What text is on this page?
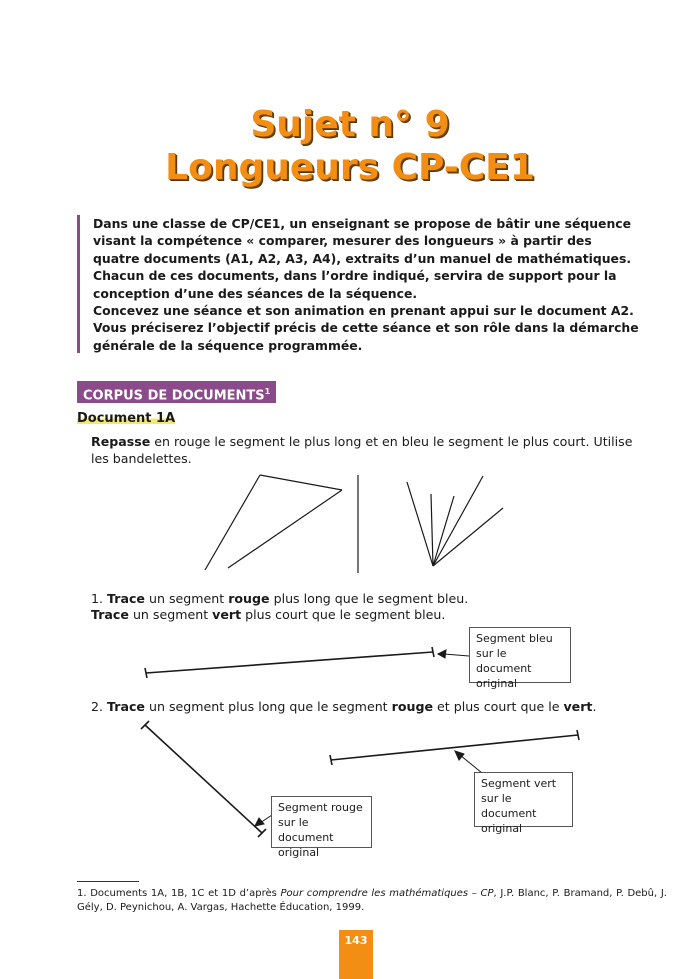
Sujet n° 9
Longueurs CP-CE1

Dans une classe de CP/CE1, un enseignant se propose de bâtir une séquence visant la compétence « comparer, mesurer des longueurs » à partir des quatre documents (A1, A2, A3, A4), extraits d’un manuel de mathématiques.

Chacun de ces documents, dans l’ordre indiqué, servira de support pour la conception d’une des séances de la séquence.

Concevez une séance et son animation en prenant appui sur le document A2.

Vous préciserez l’objectif précis de cette séance et son rôle dans la démarche générale de la séquence programmée.

CORPUS DE DOCUMENTS$^1$
Document 1A
Repasse en rouge le segment le plus long et en bleu le segment le plus court. Utilise les bandelettes.
1. Trace un segment rouge plus long que le segment bleu.
Trace un segment vert plus court que le segment bleu.
2. Trace un segment plus long que le segment rouge et plus court que le vert.
Segment bleu sur le document original
Segment vert sur le document original
Segment rouge sur le document original
1. Documents 1A, 1B, 1C et 1D d’après Pour comprendre les mathématiques – CP, J.P. Blanc, P. Bramand, P. Debû, J. Gély, D. Peynichou, A. Vargas, Hachette Éducation, 1999.
143
